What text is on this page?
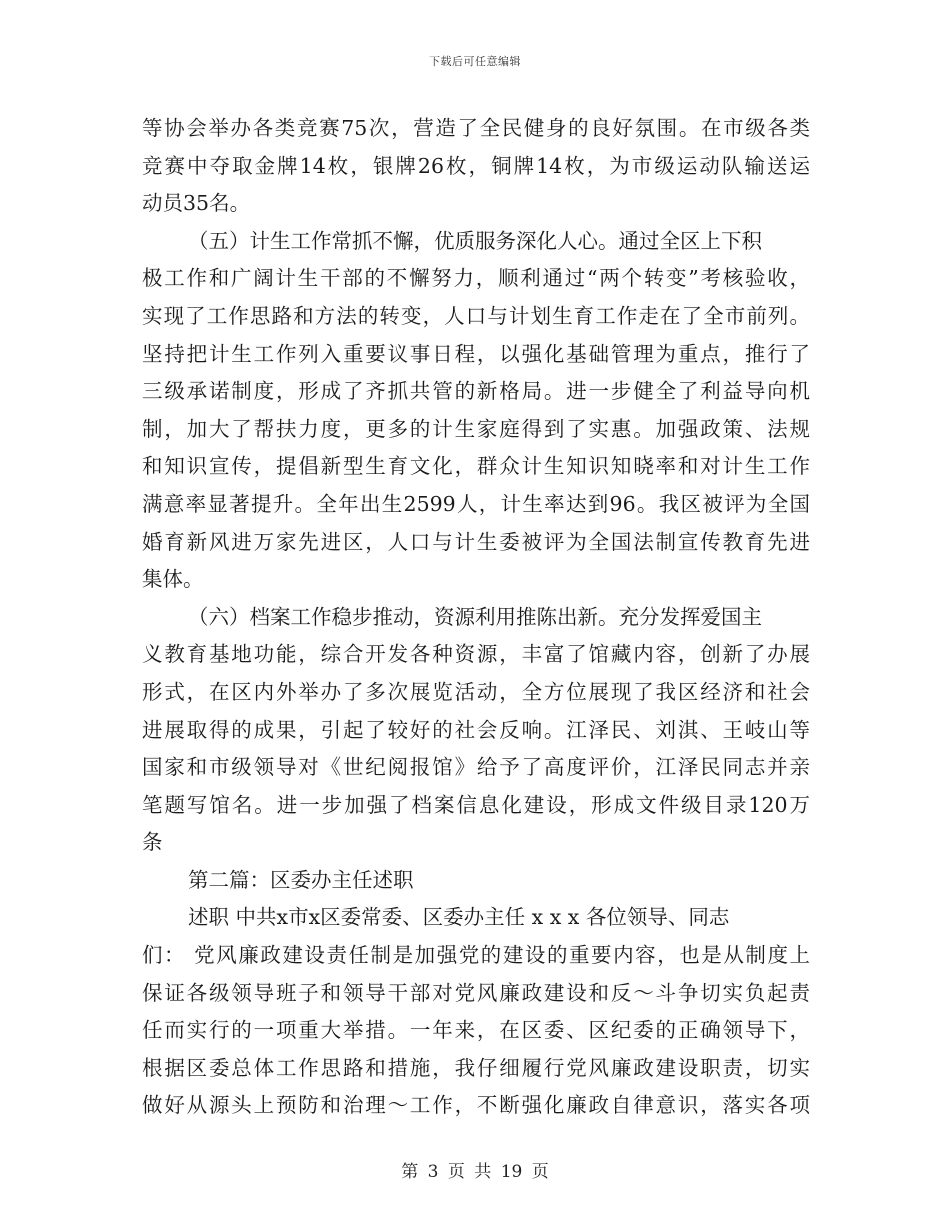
下载后可任意编辑
等协会举办各类竞赛75次，营造了全民健身的良好氛围。在市级各类
竞赛中夺取金牌14枚，银牌26枚，铜牌14枚，为市级运动队输送运
动员35名。
（五）计生工作常抓不懈，优质服务深化人心。通过全区上下积
极工作和广阔计生干部的不懈努力，顺利通过“两个转变”考核验收，
实现了工作思路和方法的转变，人口与计划生育工作走在了全市前列。
坚持把计生工作列入重要议事日程，以强化基础管理为重点，推行了
三级承诺制度，形成了齐抓共管的新格局。进一步健全了利益导向机
制，加大了帮扶力度，更多的计生家庭得到了实惠。加强政策、法规
和知识宣传，提倡新型生育文化，群众计生知识知晓率和对计生工作
满意率显著提升。全年出生2599人，计生率达到96。我区被评为全国
婚育新风进万家先进区，人口与计生委被评为全国法制宣传教育先进
集体。
（六）档案工作稳步推动，资源利用推陈出新。充分发挥爱国主
义教育基地功能，综合开发各种资源，丰富了馆藏内容，创新了办展
形式，在区内外举办了多次展览活动，全方位展现了我区经济和社会
进展取得的成果，引起了较好的社会反响。江泽民、刘淇、王岐山等
国家和市级领导对《世纪阅报馆》给予了高度评价，江泽民同志并亲
笔题写馆名。进一步加强了档案信息化建设，形成文件级目录120万
条
第二篇：区委办主任述职
述职 中共x市x区委常委、区委办主任 x x x 各位领导、同志
们： 党风廉政建设责任制是加强党的建设的重要内容，也是从制度上
保证各级领导班子和领导干部对党风廉政建设和反～斗争切实负起责
任而实行的一项重大举措。一年来，在区委、区纪委的正确领导下，
根据区委总体工作思路和措施，我仔细履行党风廉政建设职责，切实
做好从源头上预防和治理～工作，不断强化廉政自律意识，落实各项
第 3 页 共 19 页
